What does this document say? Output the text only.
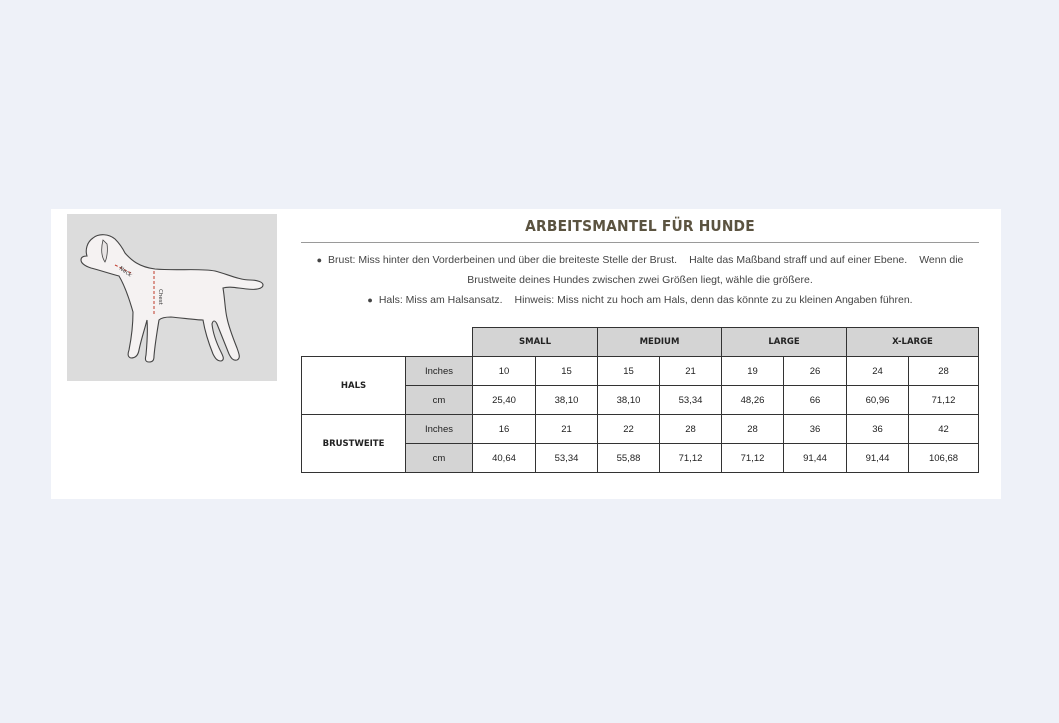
Neck
Chest
ARBEITSMANTEL FÜR HUNDE

● Brust: Miss hinter den Vorderbeinen und über die breiteste Stelle der Brust. Halte das Maßband straff und auf einer Ebene. Wenn die Brustweite deines Hundes zwischen zwei Größen liegt, wähle die größere.

● Hals: Miss am Halsansatz. Hinweis: Miss nicht zu hoch am Hals, denn das könnte zu zu kleinen Angaben führen.

		SMALL		MEDIUM		LARGE		X-LARGE	
HALS	Inches	10	15	15	21	19	26	24	28
	cm	25,40	38,10	38,10	53,34	48,26	66	60,96	71,12
BRUSTWEITE	Inches	16	21	22	28	28	36	36	42
	cm	40,64	53,34	55,88	71,12	71,12	91,44	91,44	106,68
